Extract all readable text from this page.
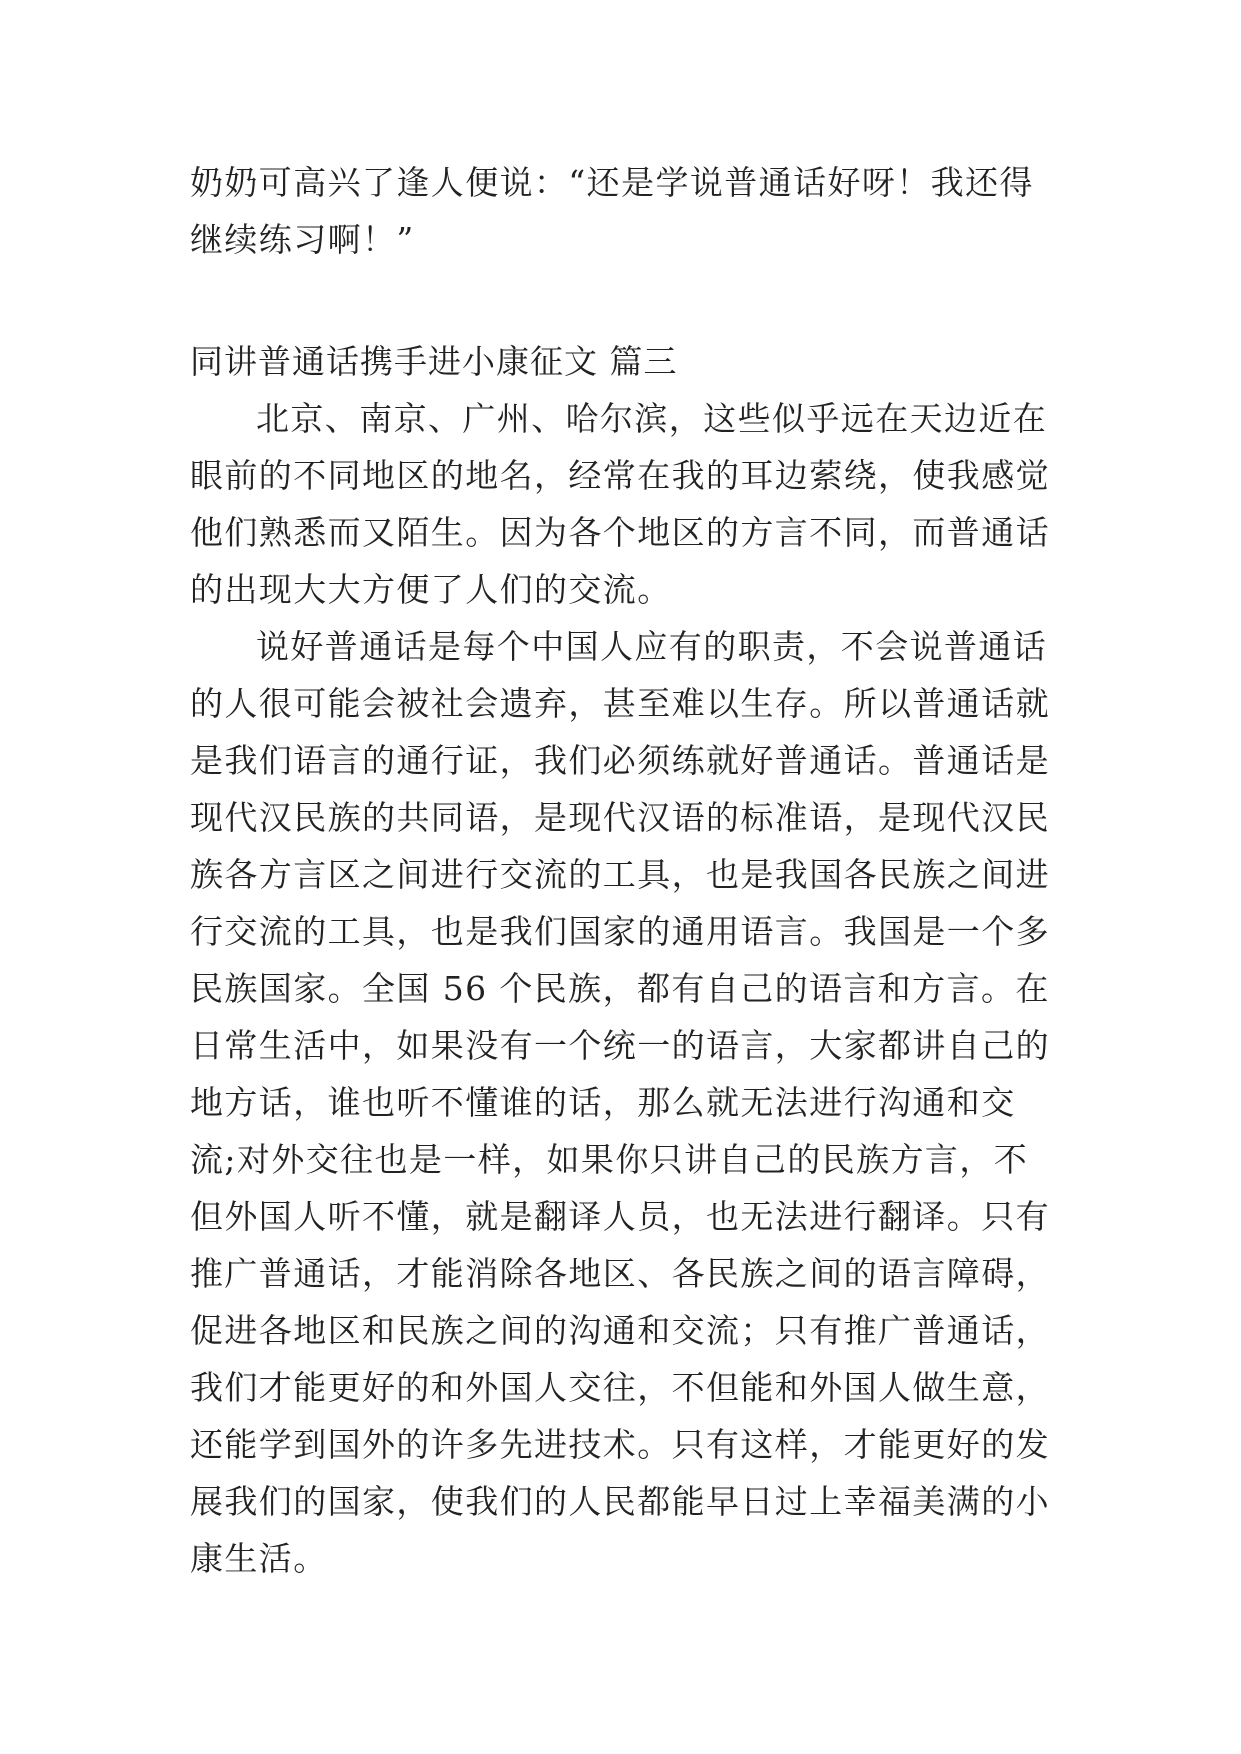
奶奶可高兴了逢人便说：“还是学说普通话好呀！我还得继续练习啊！”

同讲普通话携手进小康征文 篇三

北京、南京、广州、哈尔滨，这些似乎远在天边近在眼前的不同地区的地名，经常在我的耳边萦绕，使我感觉他们熟悉而又陌生。因为各个地区的方言不同，而普通话的出现大大方便了人们的交流。

说好普通话是每个中国人应有的职责，不会说普通话的人很可能会被社会遗弃，甚至难以生存。所以普通话就是我们语言的通行证，我们必须练就好普通话。普通话是现代汉民族的共同语，是现代汉语的标准语，是现代汉民族各方言区之间进行交流的工具，也是我国各民族之间进行交流的工具，也是我们国家的通用语言。我国是一个多民族国家。全国 56 个民族，都有自己的语言和方言。在日常生活中，如果没有一个统一的语言，大家都讲自己的地方话，谁也听不懂谁的话，那么就无法进行沟通和交流;对外交往也是一样，如果你只讲自己的民族方言，不但外国人听不懂，就是翻译人员，也无法进行翻译。只有推广普通话，才能消除各地区、各民族之间的语言障碍，促进各地区和民族之间的沟通和交流；只有推广普通话，我们才能更好的和外国人交往，不但能和外国人做生意，还能学到国外的许多先进技术。只有这样，才能更好的发展我们的国家，使我们的人民都能早日过上幸福美满的小康生活。
